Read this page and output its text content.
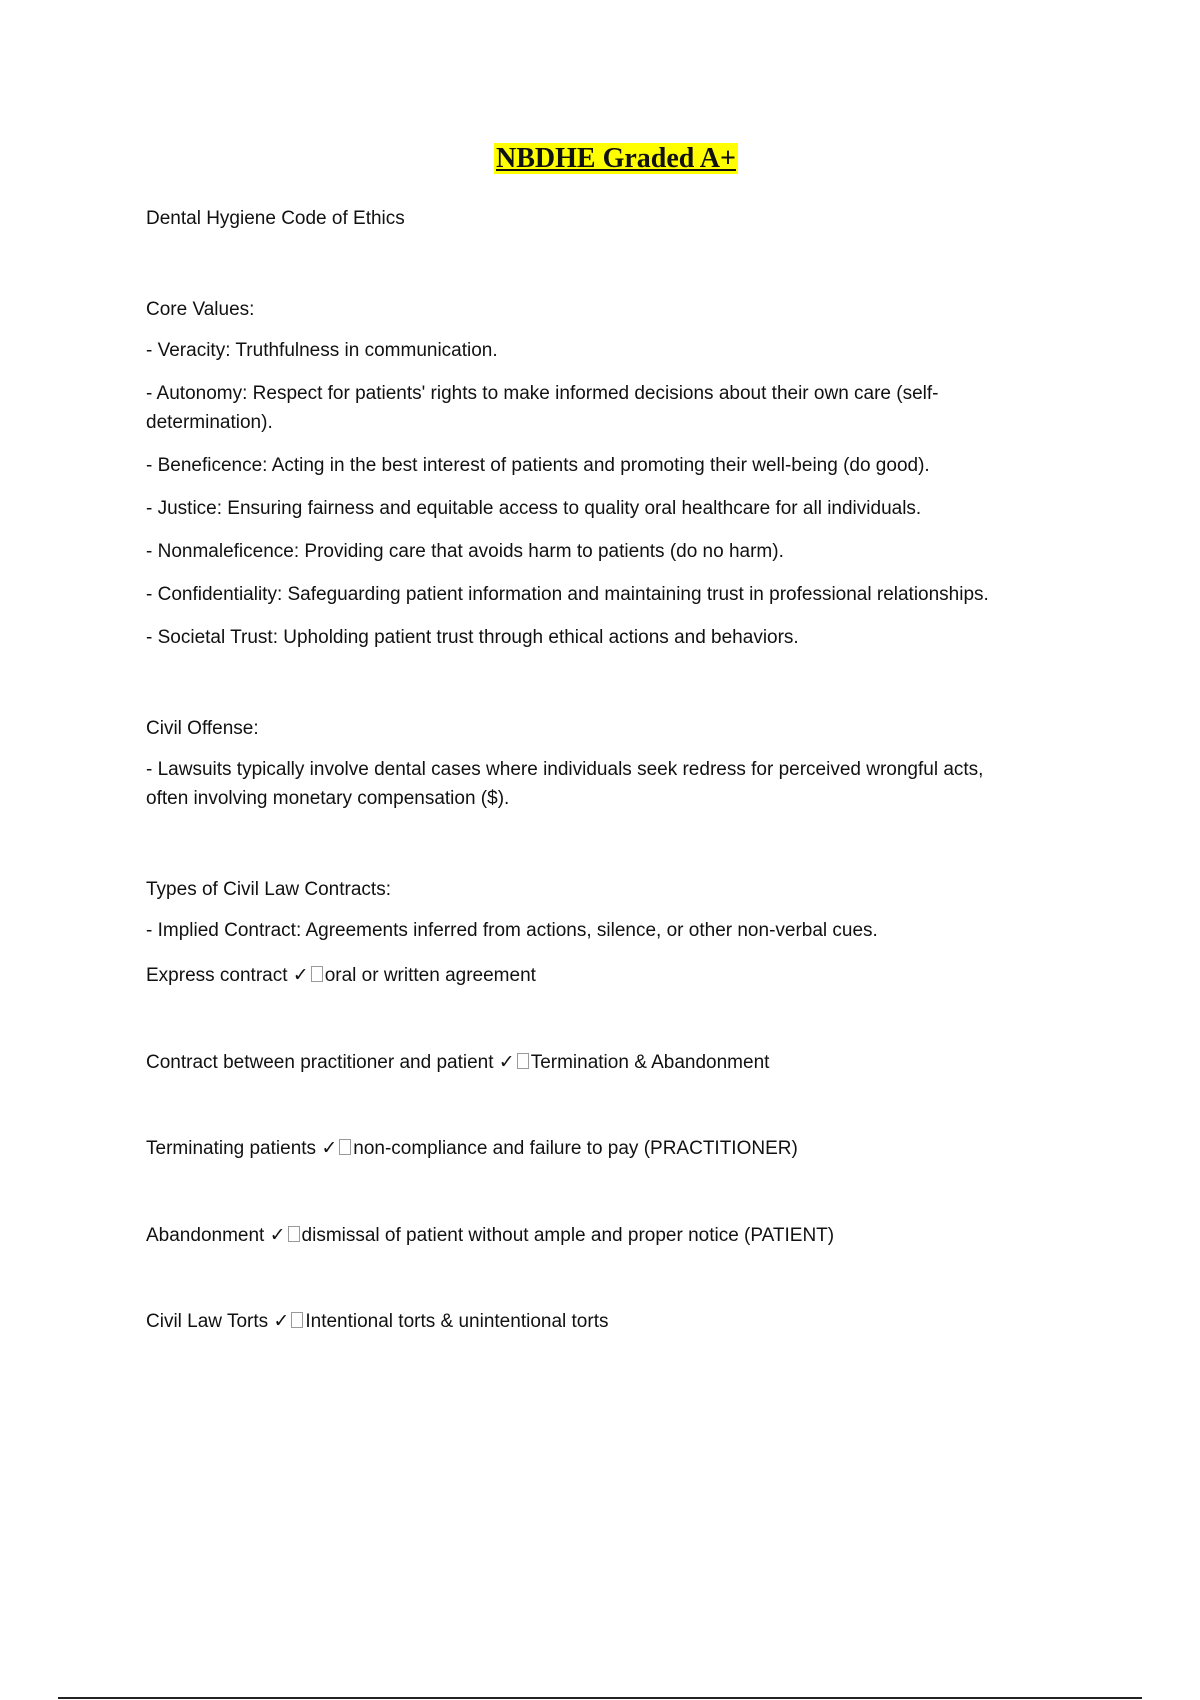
NBDHE Graded A+

Dental Hygiene Code of Ethics

Core Values:

- Veracity: Truthfulness in communication.

- Autonomy: Respect for patients' rights to make informed decisions about their own care (self-determination).

- Beneficence: Acting in the best interest of patients and promoting their well-being (do good).

- Justice: Ensuring fairness and equitable access to quality oral healthcare for all individuals.

- Nonmaleficence: Providing care that avoids harm to patients (do no harm).

- Confidentiality: Safeguarding patient information and maintaining trust in professional relationships.

- Societal Trust: Upholding patient trust through ethical actions and behaviors.

Civil Offense:

- Lawsuits typically involve dental cases where individuals seek redress for perceived wrongful acts,

often involving monetary compensation ($).

Types of Civil Law Contracts:

- Implied Contract: Agreements inferred from actions, silence, or other non-verbal cues.

Express contract ✓ oral or written agreement

Contract between practitioner and patient ✓ Termination & Abandonment

Terminating patients ✓ non-compliance and failure to pay (PRACTITIONER)

Abandonment ✓ dismissal of patient without ample and proper notice (PATIENT)

Civil Law Torts ✓ Intentional torts & unintentional torts
